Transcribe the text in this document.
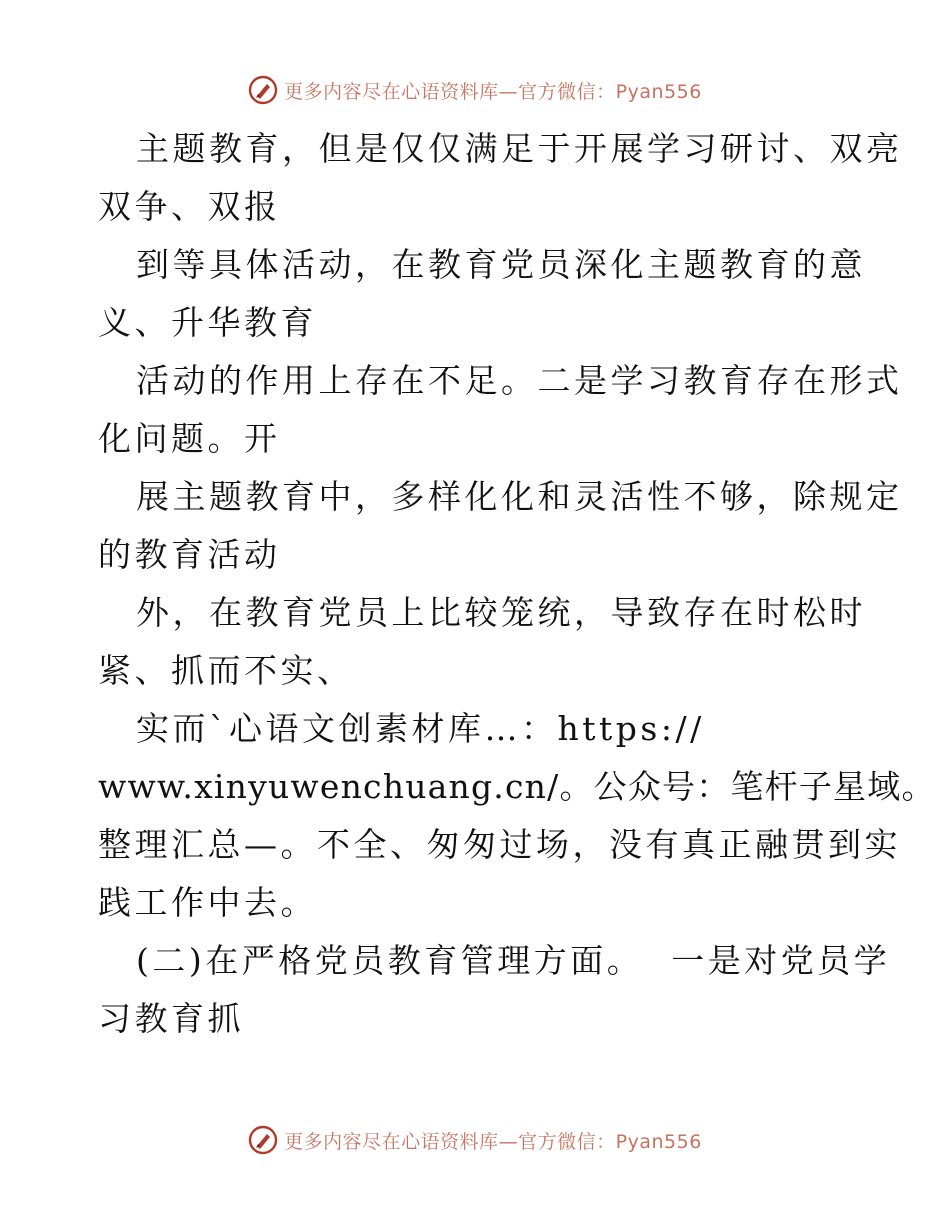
更多内容尽在心语资料库—官方微信：Pyan556
主题教育，但是仅仅满足于开展学习研讨、双亮
双争、双报
到等具体活动，在教育党员深化主题教育的意
义、升华教育
活动的作用上存在不足。二是学习教育存在形式
化问题。开
展主题教育中，多样化化和灵活性不够，除规定
的教育活动
外，在教育党员上比较笼统，导致存在时松时
紧、抓而不实、
实而`心语文创素材库…：https://
www.xinyuwenchuang.cn/。公众号：笔杆子星域。
整理汇总—。不全、匆匆过场，没有真正融贯到实
践工作中去。
(二)在严格党员教育管理方面。  一是对党员学
习教育抓
更多内容尽在心语资料库—官方微信：Pyan556
